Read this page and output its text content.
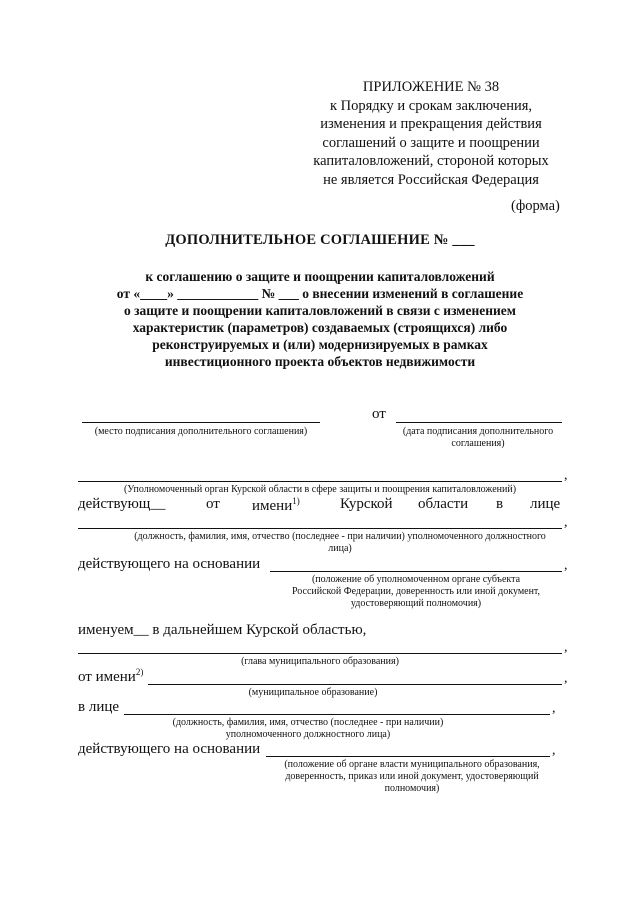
ПРИЛОЖЕНИЕ № 38
к Порядку и срокам заключения,
изменения и прекращения действия
соглашений о защите и поощрении
капиталовложений, стороной которых
не является Российская Федерация
(форма)
ДОПОЛНИТЕЛЬНОЕ СОГЛАШЕНИЕ № ___
к соглашению о защите и поощрении капиталовложений
от «____» ____________ № ___ о внесении изменений в соглашение
о защите и поощрении капиталовложений в связи с изменением
характеристик (параметров) создаваемых (строящихся) либо
реконструируемых и (или) модернизируемых в рамках
инвестиционного проекта объектов недвижимости
(место подписания дополнительного соглашения)
от
(дата подписания дополнительного
соглашения)
,
(Уполномоченный орган Курской области в сфере защиты и поощрения капиталовложений)
действующ__	от имени$^{1)}$	Курской области в лице
,
(должность, фамилия, имя, отчество (последнее - при наличии) уполномоченного должностного
лица)
действующего на основании	,
(положение об уполномоченном органе субъекта
Российской Федерации, доверенность или иной документ,
удостоверяющий полномочия)
именуем__ в дальнейшем Курской областью,
,
(глава муниципального образования)
от имени$^{2)}$	,
(муниципальное образование)
в лице	,
(должность, фамилия, имя, отчество (последнее - при наличии)
уполномоченного должностного лица)
действующего на основании	,
(положение об органе власти муниципального образования,
доверенность, приказ или иной документ, удостоверяющий
полномочия)
